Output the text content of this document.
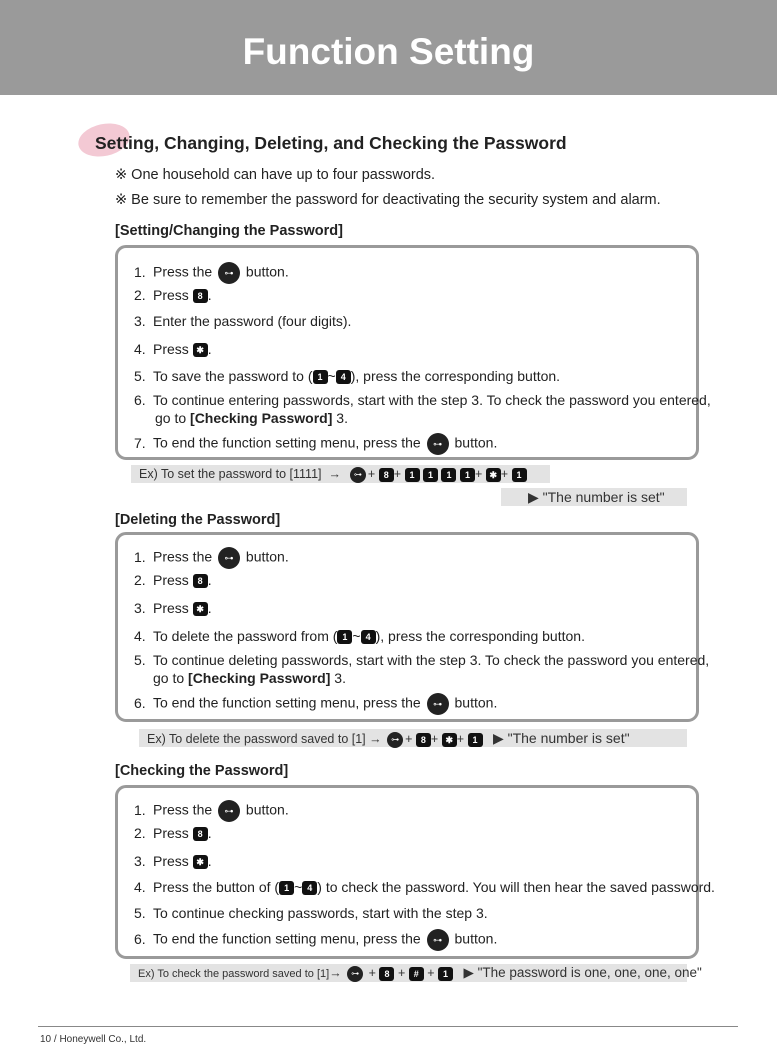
Function Setting
Setting, Changing, Deleting, and Checking the Password
※ One household can have up to four passwords.
※ Be sure to remember the password for deactivating the security system and alarm.
[Setting/Changing the Password]
1. Press the ⊶ button.
2. Press 8 .
3. Enter the password (four digits).
4. Press ✱ .
5. To save the password to ( 1 ~ 4 ), press the corresponding button.
6. To continue entering passwords, start with the step 3. To check the password you entered,
go to [Checking Password] 3.
7. To end the function setting menu, press the ⊶ button.
Ex) To set the password to [1111] → ⊶ + 8 + 1 1 1 1 + ✱ + 1
▶ "The number is set"
[Deleting the Password]
1. Press the ⊶ button.
2. Press 8 .
3. Press ✱ .
4. To delete the password from ( 1 ~ 4 ), press the corresponding button.
5. To continue deleting passwords, start with the step 3. To check the password you entered,
go to [Checking Password] 3.
6. To end the function setting menu, press the ⊶ button.
Ex) To delete the password saved to [1] → ⊶ + 8 + ✱ + 1 ▶ "The number is set"
[Checking the Password]
1. Press the ⊶ button.
2. Press 8 .
3. Press ✱ .
4. Press the button of ( 1 ~ 4 ) to check the password. You will then hear the saved password.
5. To continue checking passwords, start with the step 3.
6. To end the function setting menu, press the ⊶ button.
Ex) To check the password saved to [1]→ ⊶ + 8 + # + 1 ▶ "The password is one, one, one, one"
10 / Honeywell Co., Ltd.
